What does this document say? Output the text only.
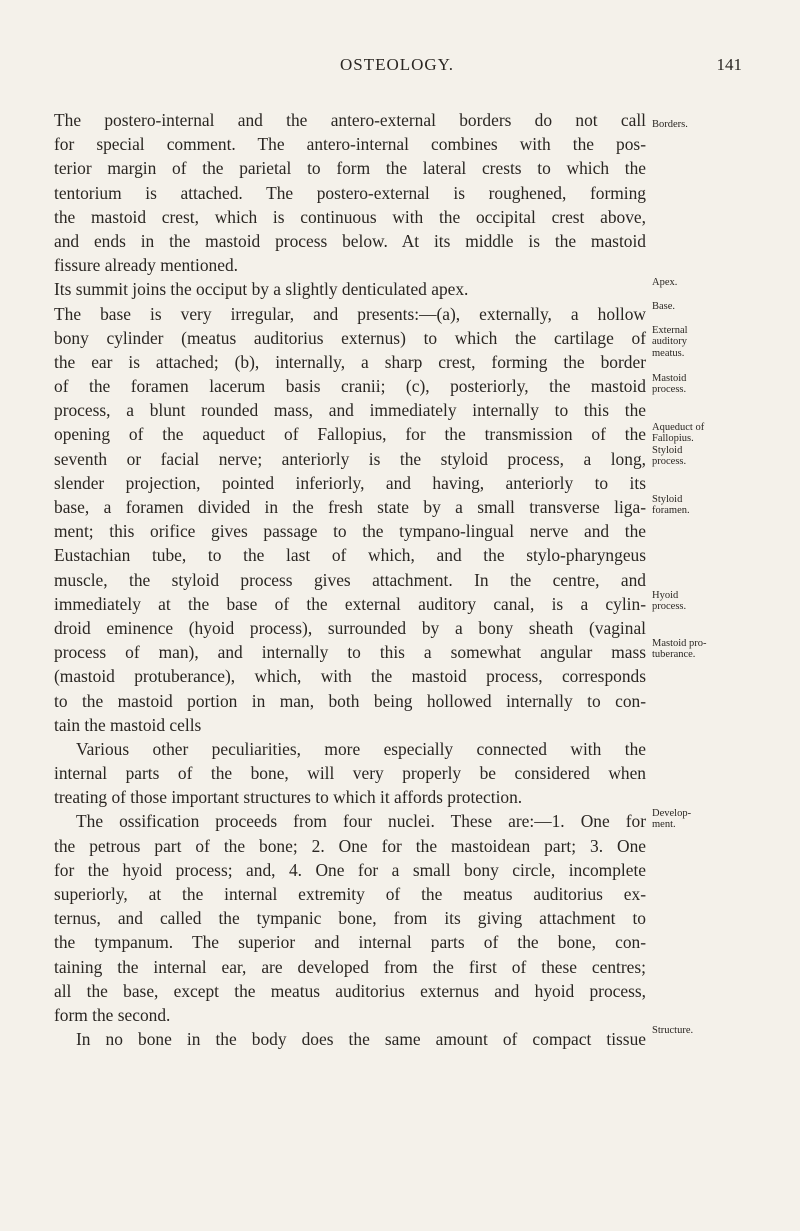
OSTEOLOGY.	141
The postero-internal and the antero-external borders do not call
for special comment. The antero-internal combines with the pos-
terior margin of the parietal to form the lateral crests to which the
tentorium is attached. The postero-external is roughened, forming
the mastoid crest, which is continuous with the occipital crest above,
and ends in the mastoid process below. At its middle is the mastoid
fissure already mentioned.
Its summit joins the occiput by a slightly denticulated apex.
The base is very irregular, and presents:—(a), externally, a hollow
bony cylinder (meatus auditorius externus) to which the cartilage of
the ear is attached; (b), internally, a sharp crest, forming the border
of the foramen lacerum basis cranii; (c), posteriorly, the mastoid
process, a blunt rounded mass, and immediately internally to this the
opening of the aqueduct of Fallopius, for the transmission of the
seventh or facial nerve; anteriorly is the styloid process, a long,
slender projection, pointed inferiorly, and having, anteriorly to its
base, a foramen divided in the fresh state by a small transverse liga-
ment; this orifice gives passage to the tympano-lingual nerve and the
Eustachian tube, to the last of which, and the stylo-pharyngeus
muscle, the styloid process gives attachment. In the centre, and
immediately at the base of the external auditory canal, is a cylin-
droid eminence (hyoid process), surrounded by a bony sheath (vaginal
process of man), and internally to this a somewhat angular mass
(mastoid protuberance), which, with the mastoid process, corresponds
to the mastoid portion in man, both being hollowed internally to con-
tain the mastoid cells
Various other peculiarities, more especially connected with the
internal parts of the bone, will very properly be considered when
treating of those important structures to which it affords protection.
The ossification proceeds from four nuclei. These are:—1. One for
the petrous part of the bone; 2. One for the mastoidean part; 3. One
for the hyoid process; and, 4. One for a small bony circle, incomplete
superiorly, at the internal extremity of the meatus auditorius ex-
ternus, and called the tympanic bone, from its giving attachment to
the tympanum. The superior and internal parts of the bone, con-
taining the internal ear, are developed from the first of these centres;
all the base, except the meatus auditorius externus and hyoid process,
form the second.
In no bone in the body does the same amount of compact tissue
Borders.
Apex.
Base.
External
auditory
meatus.
Mastoid
process.
Aqueduct of
Fallopius.
Styloid
process.
Styloid
foramen.
Hyoid
process.
Mastoid pro-
tuberance.
Develop-
ment.
Structure.
